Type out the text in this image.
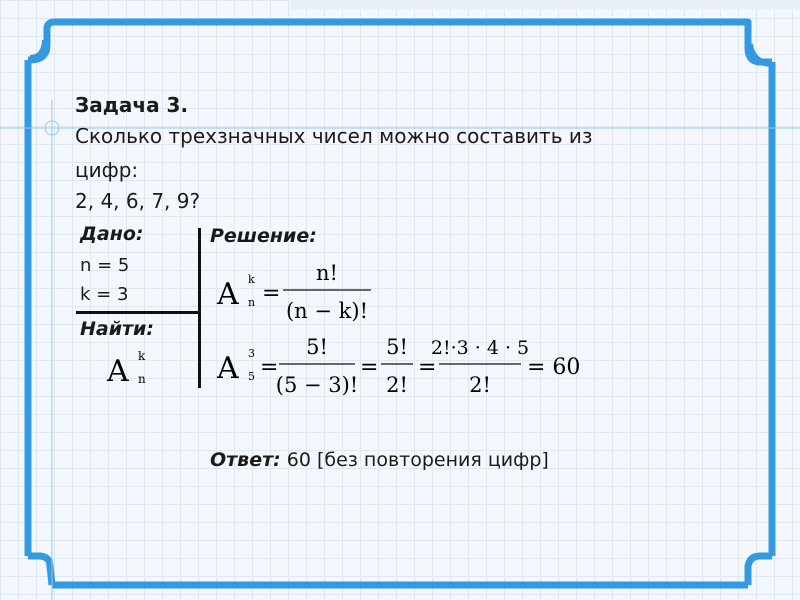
Задача 3.
Сколько трехзначных чисел можно составить из
цифр:
2, 4, 6, 7, 9?
Дано:
n = 5
k = 3
Найти:
Решение:
A k
n
A k
n =
n!
(n − k)!
A 3
5 =
5!
(5 − 3)!
=
5!
2!
=
2!·3 · 4 · 5
2!
= 60
Ответ: 60 [без повторения цифр]
